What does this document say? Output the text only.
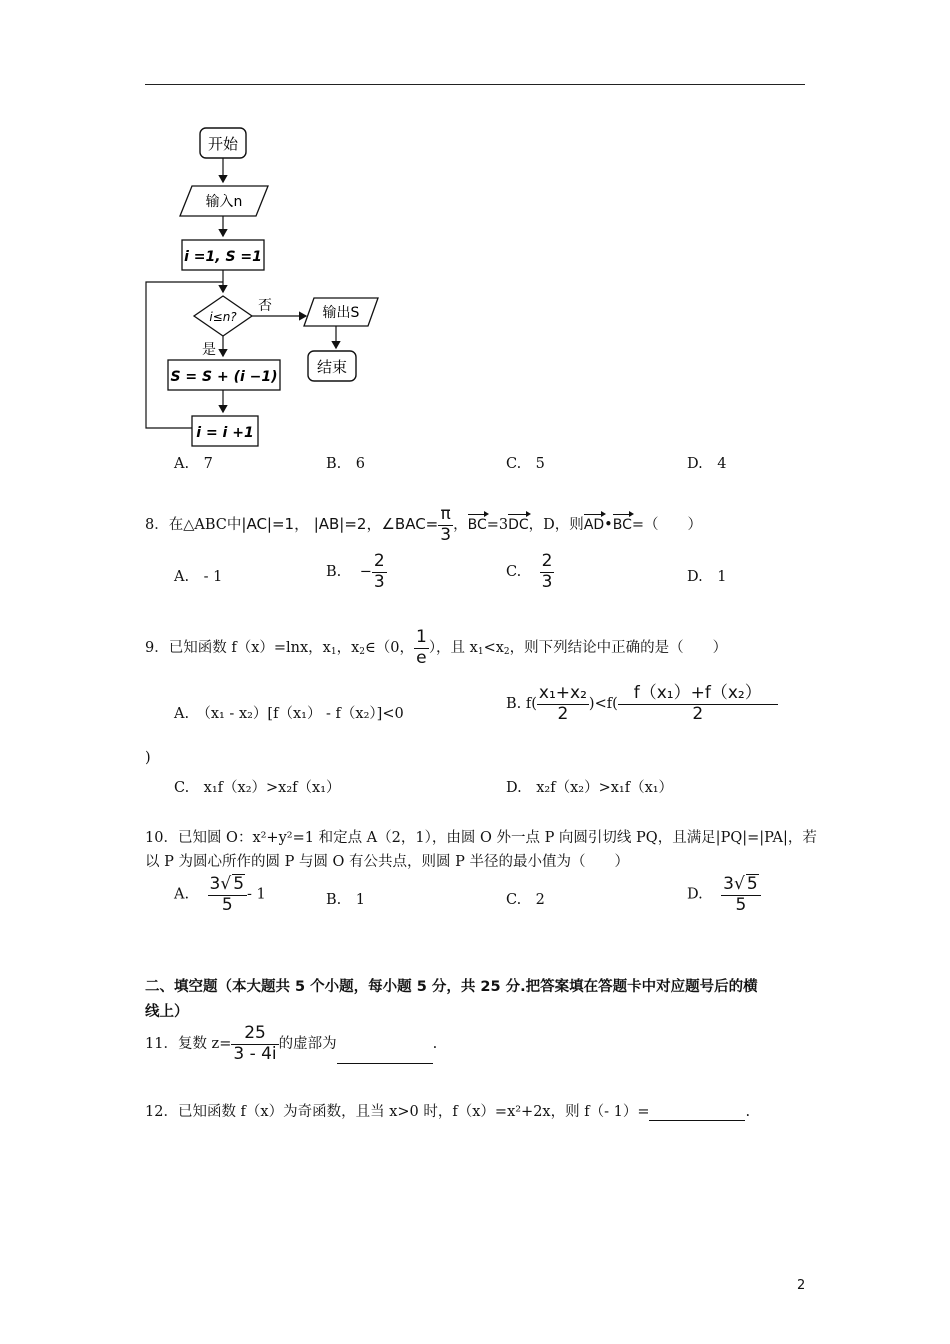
开始
输入n
i =1, S =1
i≤n?
否	输出S
结束
是
S = S + (i −1)
i = i +1
A.　7	B.　6	C.　5	D.　4
8．在△ABC中|AC|=1， |AB|=2，∠BAC= $\frac{\pi}{3}$ ，BC=3DC，D，则AD•BC=（　　）
A.　- 1	B. − $\frac{2}{3}$	C. $\frac{2}{3}$	D.　1
9．已知函数 f（x）=lnx，$x_1$，$x_2\in(0$， $\frac{1}{e}$ ），且 $x_1<x_2$，则下列结论中正确的是（　　）
A.　（x₁ - x₂）[f（x₁） - f（x₂）]<0
B. $f( \frac{\text{x₁+x₂}}{2} )<f( \frac{\text{f（x₁）+f（x₂）}}{2}$
)
C.　x₁f（x₂）>x₂f（x₁）	D.　x₂f（x₂）>x₁f（x₁）
10．已知圆 O：x²+y²=1 和定点 A（2，1），由圆 O 外一点 P 向圆引切线 PQ，且满足|PQ|=|PA|，若
以 P 为圆心所作的圆 P 与圆 O 有公共点，则圆 P 半径的最小值为（　　）
A. $\frac{3√ 5}{5} - 1$	B.　1	C.　2	D. $\frac{3√ 5}{5}$
二、填空题（本大题共 5 个小题，每小题 5 分，共 25 分.把答案填在答题卡中对应题号后的横
线上）
11．复数 $z= \frac{25}{3 - 4i}$ 的虚部为	.
12．已知函数 f（x）为奇函数，且当 x>0 时，f（x）=x²+2x，则 f（- 1）=	.
2
